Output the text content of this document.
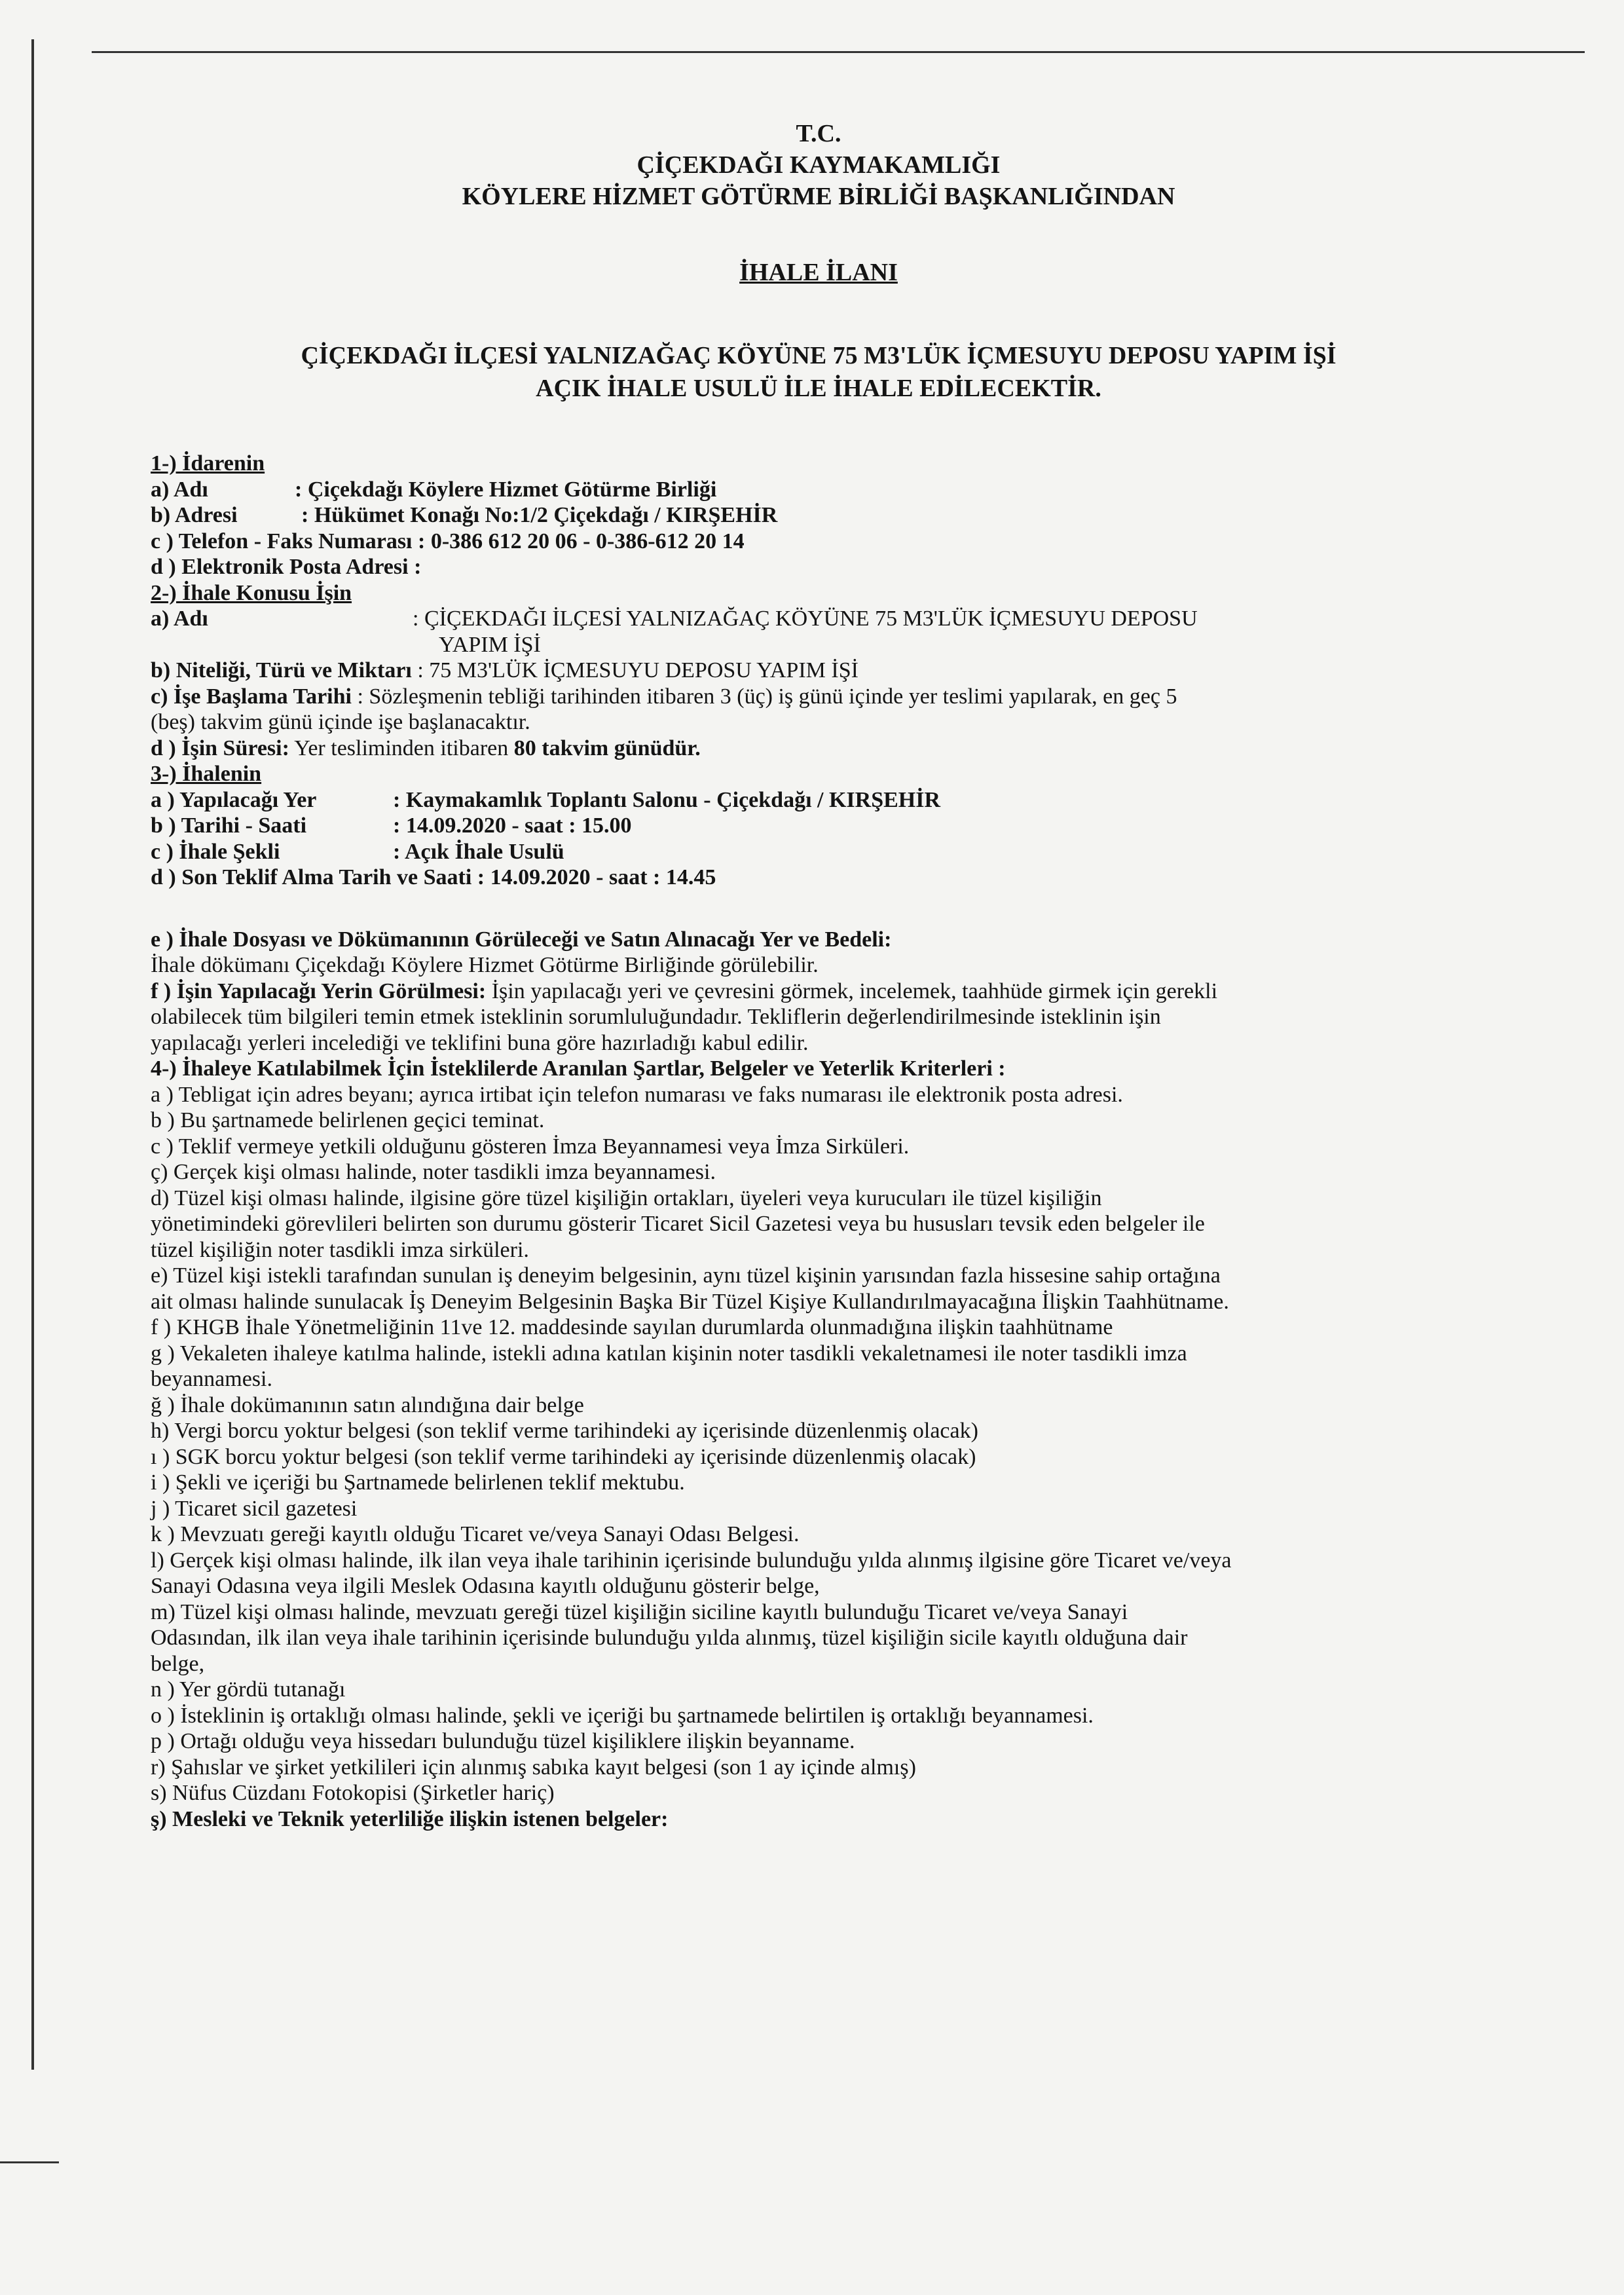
T.C.
ÇİÇEKDAĞI KAYMAKAMLIĞI
KÖYLERE HİZMET GÖTÜRME BİRLİĞİ BAŞKANLIĞINDAN
İHALE İLANI
ÇİÇEKDAĞI İLÇESİ YALNIZAĞAÇ KÖYÜNE 75 M3'LÜK İÇMESUYU DEPOSU YAPIM İŞİ
AÇIK İHALE USULÜ İLE İHALE EDİLECEKTİR.

1-) İdarenin

a) Adı	: Çiçekdağı Köylere Hizmet Götürme Birliği

b) Adresi	: Hükümet Konağı No:1/2 Çiçekdağı / KIRŞEHİR

c ) Telefon - Faks Numarası : 0-386 612 20 06 - 0-386-612 20 14

d ) Elektronik Posta Adresi :

2-) İhale Konusu İşin

a) Adı	: ÇİÇEKDAĞI İLÇESİ YALNIZAĞAÇ KÖYÜNE 75 M3'LÜK İÇMESUYU DEPOSU

YAPIM İŞİ

b) Niteliği, Türü ve Miktarı : 75 M3'LÜK İÇMESUYU DEPOSU YAPIM İŞİ

c) İşe Başlama Tarihi : Sözleşmenin tebliği tarihinden itibaren 3 (üç) iş günü içinde yer teslimi yapılarak, en geç 5

(beş) takvim günü içinde işe başlanacaktır.

d ) İşin Süresi: Yer tesliminden itibaren 80 takvim günüdür.

3-) İhalenin

a ) Yapılacağı Yer	: Kaymakamlık Toplantı Salonu - Çiçekdağı / KIRŞEHİR

b ) Tarihi - Saati	: 14.09.2020 - saat : 15.00

c ) İhale Şekli	: Açık İhale Usulü

d ) Son Teklif Alma Tarih ve Saati : 14.09.2020 - saat : 14.45

e ) İhale Dosyası ve Dökümanının Görüleceği ve Satın Alınacağı Yer ve Bedeli:

İhale dökümanı Çiçekdağı Köylere Hizmet Götürme Birliğinde görülebilir.

f ) İşin Yapılacağı Yerin Görülmesi: İşin yapılacağı yeri ve çevresini görmek, incelemek, taahhüde girmek için gerekli

olabilecek tüm bilgileri temin etmek isteklinin sorumluluğundadır. Tekliflerin değerlendirilmesinde isteklinin işin

yapılacağı yerleri incelediği ve teklifini buna göre hazırladığı kabul edilir.

4-) İhaleye Katılabilmek İçin İsteklilerde Aranılan Şartlar, Belgeler ve Yeterlik Kriterleri :

a ) Tebligat için adres beyanı; ayrıca irtibat için telefon numarası ve faks numarası ile elektronik posta adresi.

b ) Bu şartnamede belirlenen geçici teminat.

c ) Teklif vermeye yetkili olduğunu gösteren İmza Beyannamesi veya İmza Sirküleri.

ç) Gerçek kişi olması halinde, noter tasdikli imza beyannamesi.

d) Tüzel kişi olması halinde, ilgisine göre tüzel kişiliğin ortakları, üyeleri veya kurucuları ile tüzel kişiliğin

yönetimindeki görevlileri belirten son durumu gösterir Ticaret Sicil Gazetesi veya bu hususları tevsik eden belgeler ile

tüzel kişiliğin noter tasdikli imza sirküleri.

e) Tüzel kişi istekli tarafından sunulan iş deneyim belgesinin, aynı tüzel kişinin yarısından fazla hissesine sahip ortağına

ait olması halinde sunulacak İş Deneyim Belgesinin Başka Bir Tüzel Kişiye Kullandırılmayacağına İlişkin Taahhütname.

f ) KHGB İhale Yönetmeliğinin 11ve 12. maddesinde sayılan durumlarda olunmadığına ilişkin taahhütname

g ) Vekaleten ihaleye katılma halinde, istekli adına katılan kişinin noter tasdikli vekaletnamesi ile noter tasdikli imza

beyannamesi.

ğ ) İhale dokümanının satın alındığına dair belge

h) Vergi borcu yoktur belgesi (son teklif verme tarihindeki ay içerisinde düzenlenmiş olacak)

ı ) SGK borcu yoktur belgesi (son teklif verme tarihindeki ay içerisinde düzenlenmiş olacak)

i ) Şekli ve içeriği bu Şartnamede belirlenen teklif mektubu.

j ) Ticaret sicil gazetesi

k ) Mevzuatı gereği kayıtlı olduğu Ticaret ve/veya Sanayi Odası Belgesi.

l) Gerçek kişi olması halinde, ilk ilan veya ihale tarihinin içerisinde bulunduğu yılda alınmış ilgisine göre Ticaret ve/veya

Sanayi Odasına veya ilgili Meslek Odasına kayıtlı olduğunu gösterir belge,

m) Tüzel kişi olması halinde, mevzuatı gereği tüzel kişiliğin siciline kayıtlı bulunduğu Ticaret ve/veya Sanayi

Odasından, ilk ilan veya ihale tarihinin içerisinde bulunduğu yılda alınmış, tüzel kişiliğin sicile kayıtlı olduğuna dair

belge,

n ) Yer gördü tutanağı

o ) İsteklinin iş ortaklığı olması halinde, şekli ve içeriği bu şartnamede belirtilen iş ortaklığı beyannamesi.

p ) Ortağı olduğu veya hissedarı bulunduğu tüzel kişiliklere ilişkin beyanname.

r) Şahıslar ve şirket yetkilileri için alınmış sabıka kayıt belgesi (son 1 ay içinde almış)

s) Nüfus Cüzdanı Fotokopisi (Şirketler hariç)

ş) Mesleki ve Teknik yeterliliğe ilişkin istenen belgeler:
